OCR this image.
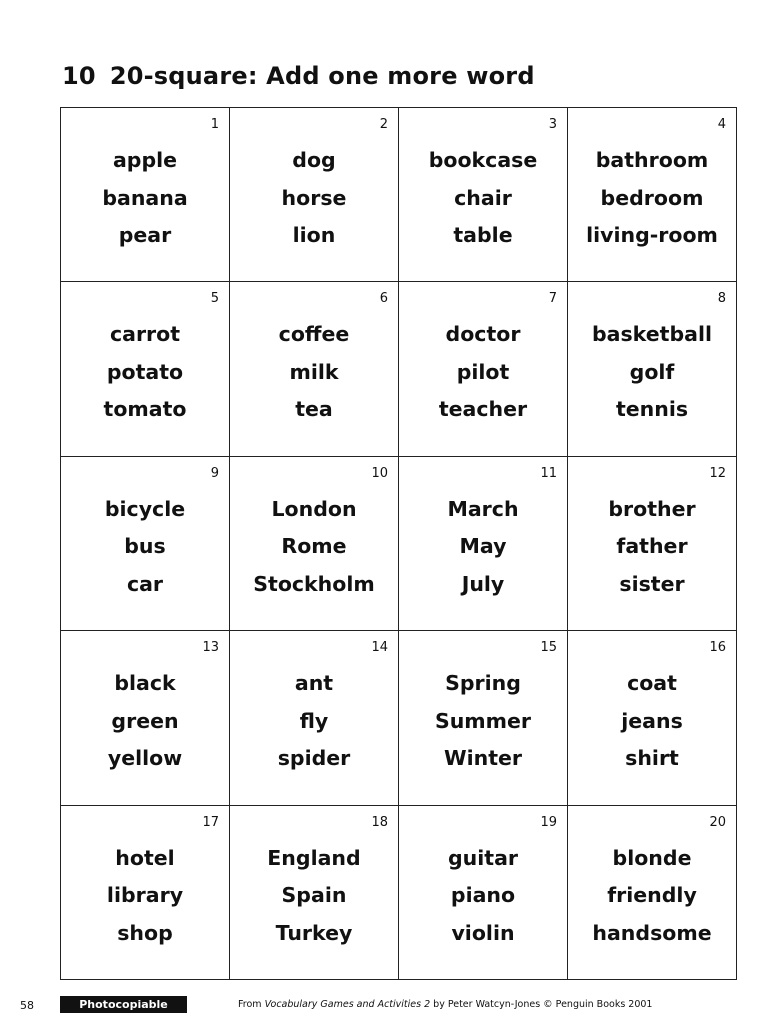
10 20-square: Add one more word
1
apple
banana
pear
2
dog
horse
lion
3
bookcase
chair
table
4
bathroom
bedroom
living-room
5
carrot
potato
tomato
6
coffee
milk
tea
7
doctor
pilot
teacher
8
basketball
golf
tennis
9
bicycle
bus
car
10
London
Rome
Stockholm
11
March
May
July
12
brother
father
sister
13
black
green
yellow
14
ant
fly
spider
15
Spring
Summer
Winter
16
coat
jeans
shirt
17
hotel
library
shop
18
England
Spain
Turkey
19
guitar
piano
violin
20
blonde
friendly
handsome
58	Photocopiable	From Vocabulary Games and Activities 2 by Peter Watcyn-Jones © Penguin Books 2001
